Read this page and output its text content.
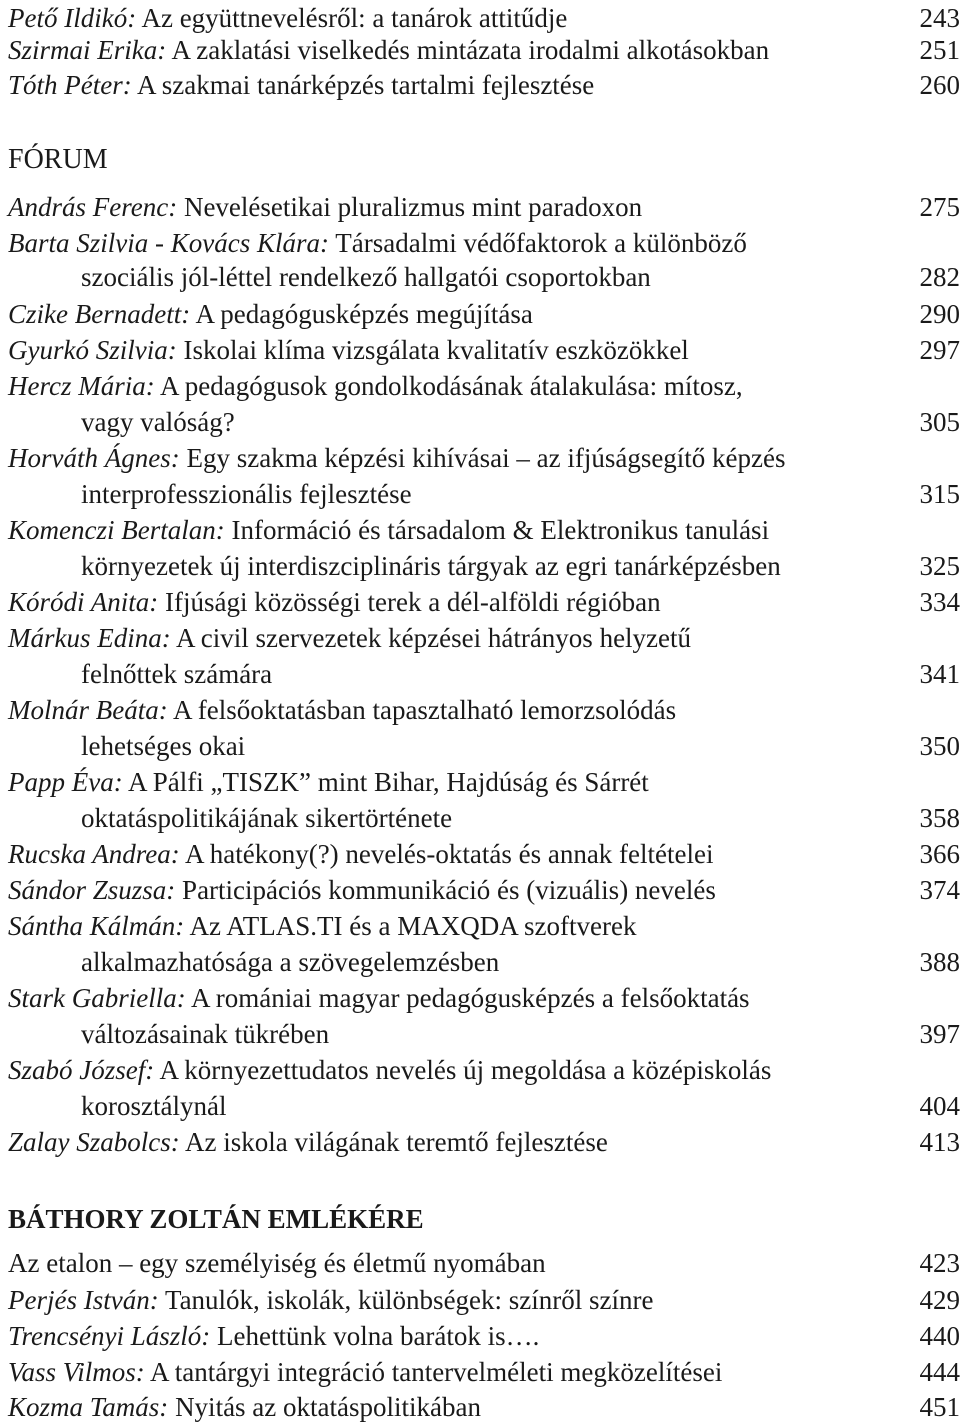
Pető Ildikó: Az együttnevelésről: a tanárok attitűdje	243
Szirmai Erika: A zaklatási viselkedés mintázata irodalmi alkotásokban	251
Tóth Péter: A szakmai tanárképzés tartalmi fejlesztése	260
FÓRUM
András Ferenc: Nevelésetikai pluralizmus mint paradoxon	275
Barta Szilvia - Kovács Klára: Társadalmi védőfaktorok a különböző
szociális jól-léttel rendelkező hallgatói csoportokban	282
Czike Bernadett: A pedagógusképzés megújítása	290
Gyurkó Szilvia: Iskolai klíma vizsgálata kvalitatív eszközökkel	297
Hercz Mária: A pedagógusok gondolkodásának átalakulása: mítosz,
vagy valóság?	305
Horváth Ágnes: Egy szakma képzési kihívásai – az ifjúságsegítő képzés
interprofesszionális fejlesztése	315
Komenczi Bertalan: Információ és társadalom & Elektronikus tanulási
környezetek új interdiszciplináris tárgyak az egri tanárképzésben	325
Kóródi Anita: Ifjúsági közösségi terek a dél-alföldi régióban	334
Márkus Edina: A civil szervezetek képzései hátrányos helyzetű
felnőttek számára	341
Molnár Beáta: A felsőoktatásban tapasztalható lemorzsolódás
lehetséges okai	350
Papp Éva: A Pálfi „TISZK” mint Bihar, Hajdúság és Sárrét
oktatáspolitikájának sikertörténete	358
Rucska Andrea: A hatékony(?) nevelés-oktatás és annak feltételei	366
Sándor Zsuzsa: Participációs kommunikáció és (vizuális) nevelés	374
Sántha Kálmán: Az ATLAS.TI és a MAXQDA szoftverek
alkalmazhatósága a szövegelemzésben	388
Stark Gabriella: A romániai magyar pedagógusképzés a felsőoktatás
változásainak tükrében	397
Szabó József: A környezettudatos nevelés új megoldása a középiskolás
korosztálynál	404
Zalay Szabolcs: Az iskola világának teremtő fejlesztése	413
BÁTHORY ZOLTÁN EMLÉKÉRE
Az etalon – egy személyiség és életmű nyomában	423
Perjés István: Tanulók, iskolák, különbségek: színről színre	429
Trencsényi László: Lehettünk volna barátok is….	440
Vass Vilmos: A tantárgyi integráció tantervelméleti megközelítései	444
Kozma Tamás: Nyitás az oktatáspolitikában	451
